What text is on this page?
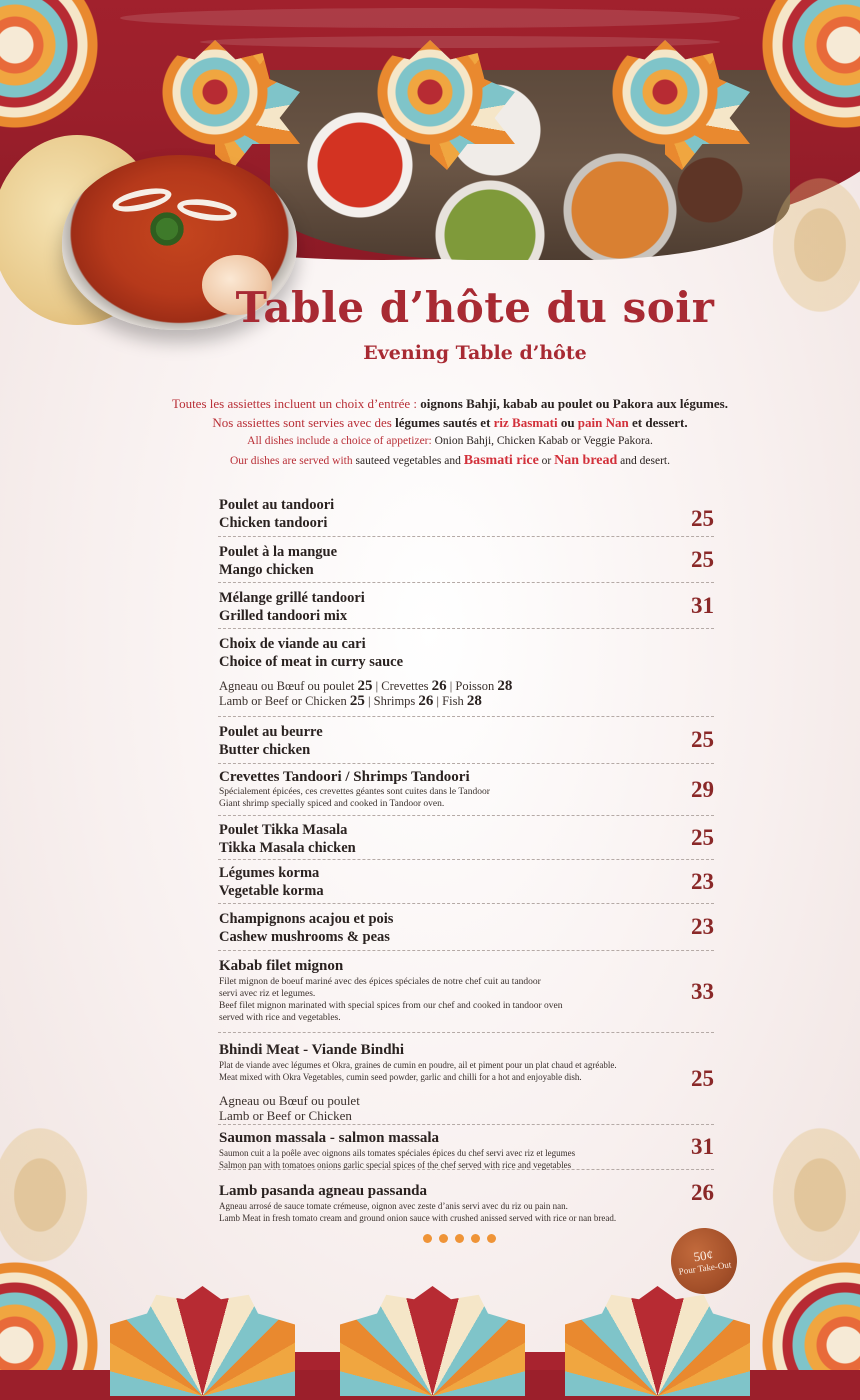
Table d’hôte du soir
Evening Table d’hôte
Toutes les assiettes incluent un choix d’entrée : oignons Bahji, kabab au poulet ou Pakora aux légumes.
Nos assiettes sont servies avec des légumes sautés et riz Basmati ou pain Nan et dessert.
All dishes include a choice of appetizer: Onion Bahji, Chicken Kabab or Veggie Pakora.
Our dishes are served with sauteed vegetables and Basmati rice or Nan bread and desert.
Poulet au tandoori
Chicken tandoori	25
Poulet à la mangue
Mango chicken	25
Mélange grillé tandoori
Grilled tandoori mix	31
Choix de viande au cari
Choice of meat in curry sauce
Agneau ou Bœuf ou poulet 25 | Crevettes 26 | Poisson 28
Lamb or Beef or Chicken 25 | Shrimps 26 | Fish 28
Poulet au beurre
Butter chicken	25
Crevettes Tandoori / Shrimps Tandoori
Spécialement épicées, ces crevettes géantes sont cuites dans le Tandoor
Giant shrimp specially spiced and cooked in Tandoor oven.
29
Poulet Tikka Masala
Tikka Masala chicken	25
Légumes korma
Vegetable korma	23
Champignons acajou et pois
Cashew mushrooms & peas	23
Kabab filet mignon
Filet mignon de boeuf mariné avec des épices spéciales de notre chef cuit au tandoor
servi avec riz et legumes.
Beef filet mignon marinated with special spices from our chef and cooked in tandoor oven
served with rice and vegetables.
33
Bhindi Meat - Viande Bindhi
Plat de viande avec légumes et Okra, graines de cumin en poudre, ail et piment pour un plat chaud et agréable.
Meat mixed with Okra Vegetables, cumin seed powder, garlic and chilli for a hot and enjoyable dish.
Agneau ou Bœuf ou poulet
Lamb or Beef or Chicken
25
Saumon massala - salmon massala
Saumon cuit a la poêle avec oignons ails tomates spéciales épices du chef servi avec riz et legumes
Salmon pan with tomatoes onions garlic special spices of the chef served with rice and vegetables
31
Lamb pasanda agneau passanda
Agneau arrosé de sauce tomate crémeuse, oignon avec zeste d’anis servi avec du riz ou pain nan.
Lamb Meat in fresh tomato cream and ground onion sauce with crushed anissed served with rice or nan bread.
26
50¢
Pour Take-Out
